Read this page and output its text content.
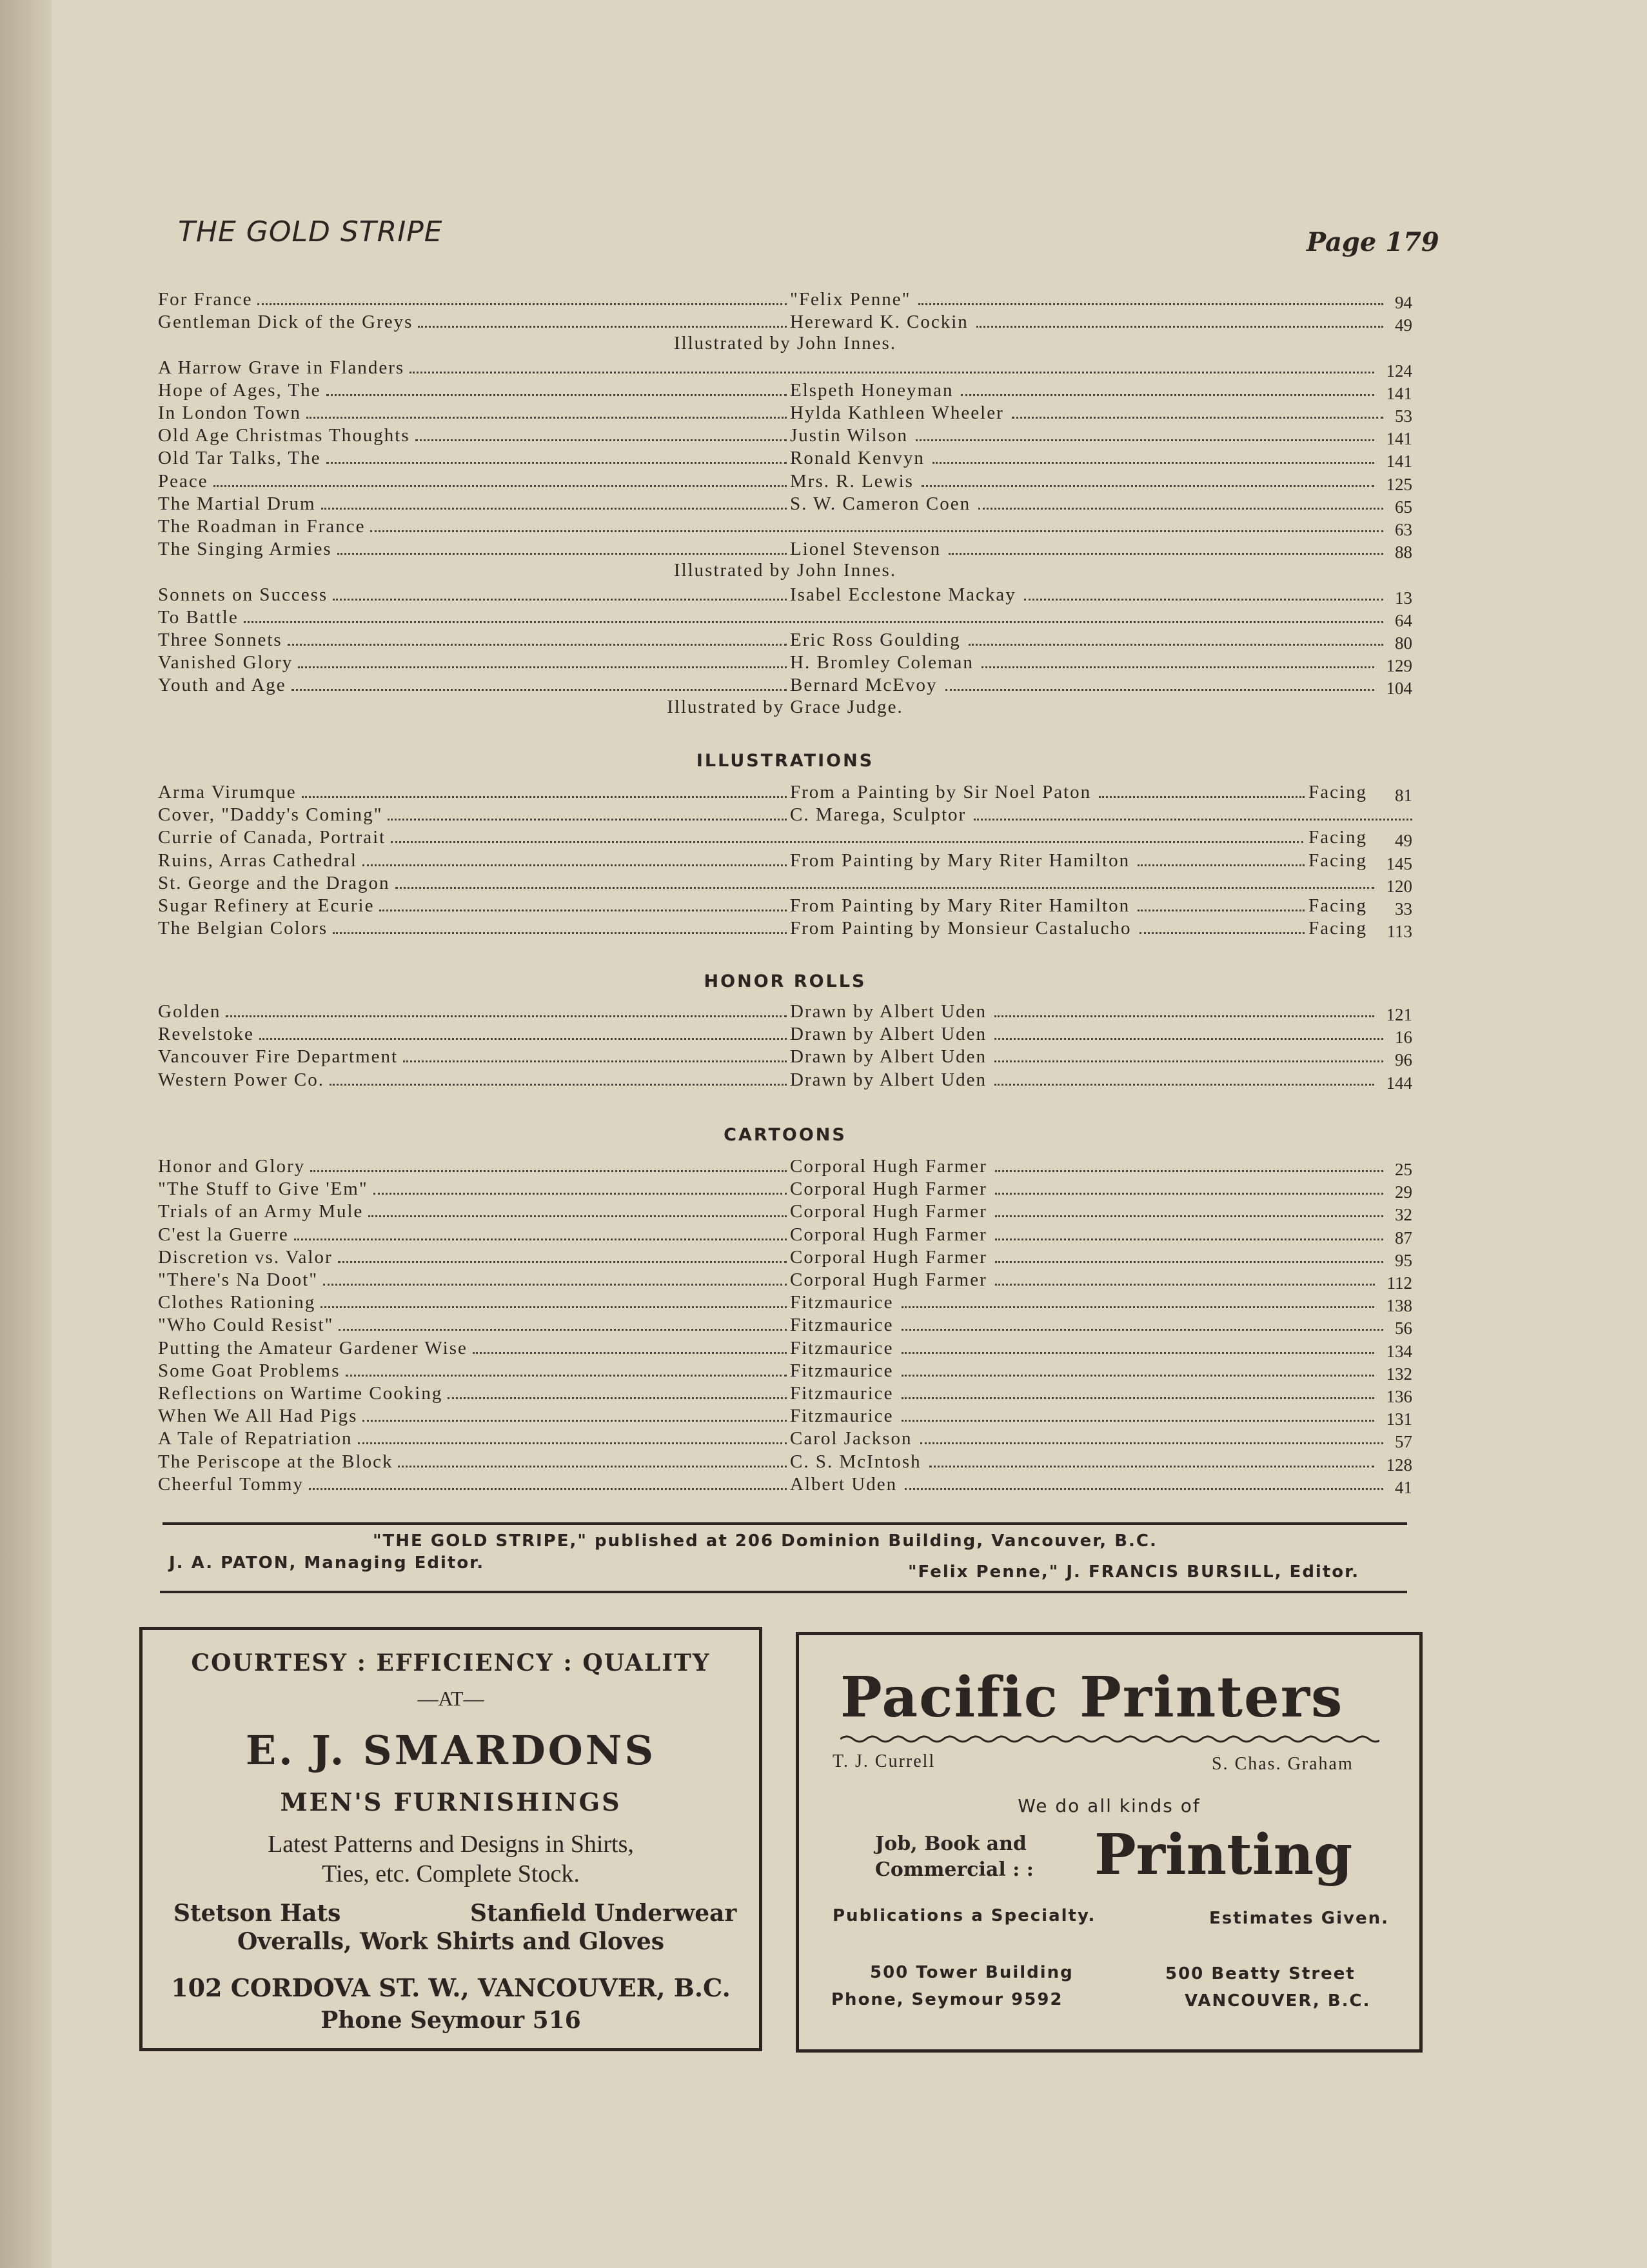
THE GOLD STRIPE	Page 179
For France	"Felix Penne"	94
Gentleman Dick of the Greys	Hereward K. Cockin	49
Illustrated by John Innes.
A Harrow Grave in Flanders	124
Hope of Ages, The	Elspeth Honeyman	141
In London Town	Hylda Kathleen Wheeler	53
Old Age Christmas Thoughts	Justin Wilson	141
Old Tar Talks, The	Ronald Kenvyn	141
Peace	Mrs. R. Lewis	125
The Martial Drum	S. W. Cameron Coen	65
The Roadman in France	63
The Singing Armies	Lionel Stevenson	88
Illustrated by John Innes.
Sonnets on Success	Isabel Ecclestone Mackay	13
To Battle	64
Three Sonnets	Eric Ross Goulding	80
Vanished Glory	H. Bromley Coleman	129
Youth and Age	Bernard McEvoy	104
Illustrated by Grace Judge.
ILLUSTRATIONS
Arma Virumque	From a Painting by Sir Noel Paton	Facing 81
Cover, "Daddy's Coming"	C. Marega, Sculptor
Currie of Canada, Portrait	Facing 49
Ruins, Arras Cathedral	From Painting by Mary Riter Hamilton	Facing 145
St. George and the Dragon	120
Sugar Refinery at Ecurie	From Painting by Mary Riter Hamilton	Facing 33
The Belgian Colors	From Painting by Monsieur Castalucho	Facing 113
HONOR ROLLS
Golden	Drawn by Albert Uden	121
Revelstoke	Drawn by Albert Uden	16
Vancouver Fire Department	Drawn by Albert Uden	96
Western Power Co.	Drawn by Albert Uden	144
CARTOONS
Honor and Glory	Corporal Hugh Farmer	25
"The Stuff to Give 'Em"	Corporal Hugh Farmer	29
Trials of an Army Mule	Corporal Hugh Farmer	32
C'est la Guerre	Corporal Hugh Farmer	87
Discretion vs. Valor	Corporal Hugh Farmer	95
"There's Na Doot"	Corporal Hugh Farmer	112
Clothes Rationing	Fitzmaurice	138
"Who Could Resist"	Fitzmaurice	56
Putting the Amateur Gardener Wise	Fitzmaurice	134
Some Goat Problems	Fitzmaurice	132
Reflections on Wartime Cooking	Fitzmaurice	136
When We All Had Pigs	Fitzmaurice	131
A Tale of Repatriation	Carol Jackson	57
The Periscope at the Block	C. S. McIntosh	128
Cheerful Tommy	Albert Uden	41
"THE GOLD STRIPE," published at 206 Dominion Building, Vancouver, B.C.
J. A. PATON, Managing Editor.	"Felix Penne," J. FRANCIS BURSILL, Editor.
COURTESY : EFFICIENCY : QUALITY
—AT—
E. J. SMARDONS
MEN'S FURNISHINGS
Latest Patterns and Designs in Shirts,
Ties, etc. Complete Stock.
Stetson Hats	Stanfield Underwear
Overalls, Work Shirts and Gloves
102 CORDOVA ST. W., VANCOUVER, B.C.
Phone Seymour 516
Pacific Printers
T. J. Currell	S. Chas. Graham
We do all kinds of
Job, Book and
Commercial : : Printing
Publications a Specialty.	Estimates Given.
500 Tower Building
Phone, Seymour 9592
500 Beatty Street
VANCOUVER, B.C.
